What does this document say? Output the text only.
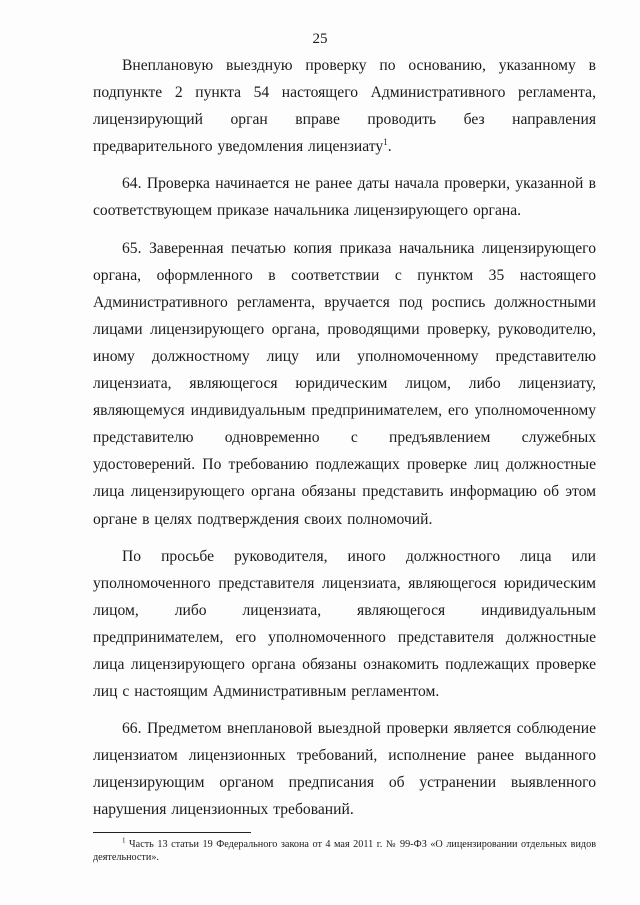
25

Внеплановую выездную проверку по основанию, указанному в подпункте 2 пункта 54 настоящего Административного регламента, лицензирующий орган вправе проводить без направления предварительного уведомления лицензиату$^1$.

64. Проверка начинается не ранее даты начала проверки, указанной в соответствующем приказе начальника лицензирующего органа.

65. Заверенная печатью копия приказа начальника лицензирующего органа, оформленного в соответствии с пунктом 35 настоящего Административного регламента, вручается под роспись должностными лицами лицензирующего органа, проводящими проверку, руководителю, иному должностному лицу или уполномоченному представителю лицензиата, являющегося юридическим лицом, либо лицензиату, являющемуся индивидуальным предпринимателем, его уполномоченному представителю одновременно с предъявлением служебных удостоверений. По требованию подлежащих проверке лиц должностные лица лицензирующего органа обязаны представить информацию об этом органе в целях подтверждения своих полномочий.

По просьбе руководителя, иного должностного лица или уполномоченного представителя лицензиата, являющегося юридическим лицом, либо лицензиата, являющегося индивидуальным предпринимателем, его уполномоченного представителя должностные лица лицензирующего органа обязаны ознакомить подлежащих проверке лиц с настоящим Административным регламентом.

66. Предметом внеплановой выездной проверки является соблюдение лицензиатом лицензионных требований, исполнение ранее выданного лицензирующим органом предписания об устранении выявленного нарушения лицензионных требований.

$^1$ Часть 13 статьи 19 Федерального закона от 4 мая 2011 г. № 99-ФЗ «О лицензировании отдельных видов деятельности».
